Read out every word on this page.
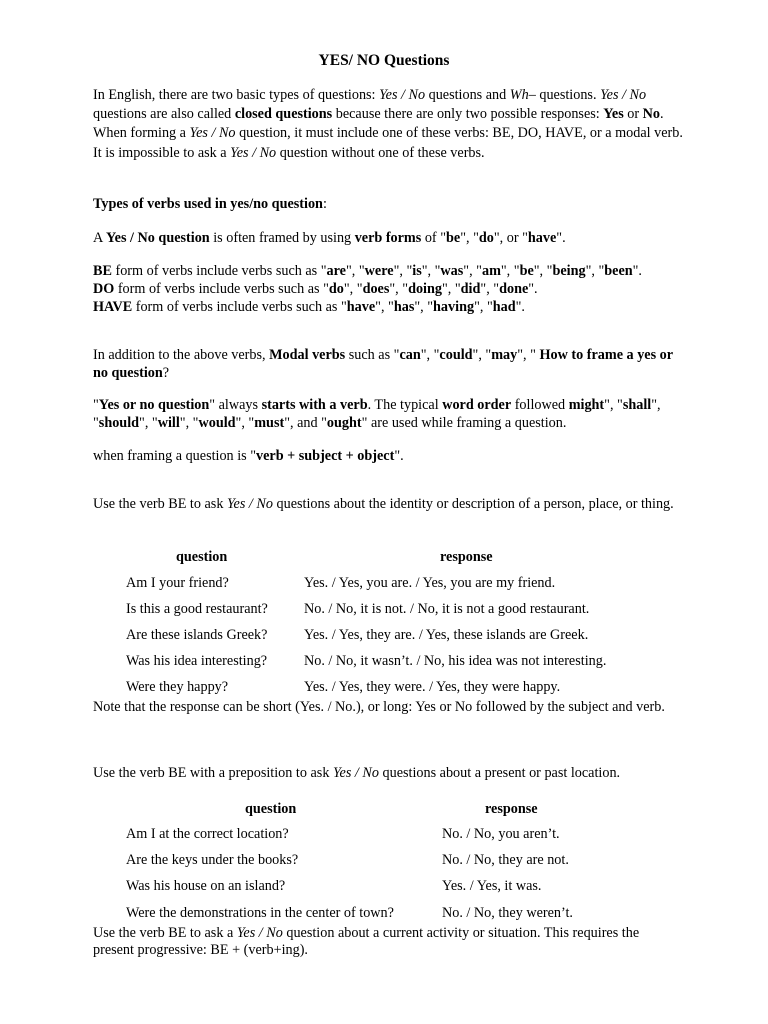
YES/ NO Questions

In English, there are two basic types of questions: Yes / No questions and Wh– questions. Yes / No questions are also called closed questions because there are only two possible responses: Yes or No. When forming a Yes / No question, it must include one of these verbs: BE, DO, HAVE, or a modal verb. It is impossible to ask a Yes / No question without one of these verbs.

Types of verbs used in yes/no question:

A Yes / No question is often framed by using verb forms of "be", "do", or "have".

BE form of verbs include verbs such as "are", "were", "is", "was", "am", "be", "being", "been".
DO form of verbs include verbs such as "do", "does", "doing", "did", "done".
HAVE form of verbs include verbs such as "have", "has", "having", "had".

In addition to the above verbs, Modal verbs such as "can", "could", "may", " How to frame a yes or no question?

"Yes or no question" always starts with a verb. The typical word order followed might", "shall", "should", "will", "would", "must", and "ought" are used while framing a question.

when framing a question is "verb + subject + object".

Use the verb BE to ask Yes / No questions about the identity or description of a person, place, or thing.

question	response
Am I your friend?	Yes. / Yes, you are. / Yes, you are my friend.
Is this a good restaurant?	No. / No, it is not. / No, it is not a good restaurant.
Are these islands Greek?	Yes. / Yes, they are. / Yes, these islands are Greek.
Was his idea interesting?	No. / No, it wasn’t. / No, his idea was not interesting.
Were they happy?	Yes. / Yes, they were. / Yes, they were happy.

Note that the response can be short (Yes. / No.), or long: Yes or No followed by the subject and verb.

Use the verb BE with a preposition to ask Yes / No questions about a present or past location.

question	response
Am I at the correct location?	No. / No, you aren’t.
Are the keys under the books?	No. / No, they are not.
Was his house on an island?	Yes. / Yes, it was.
Were the demonstrations in the center of town?	No. / No, they weren’t.

Use the verb BE to ask a Yes / No question about a current activity or situation. This requires the present progressive: BE + (verb+ing).
